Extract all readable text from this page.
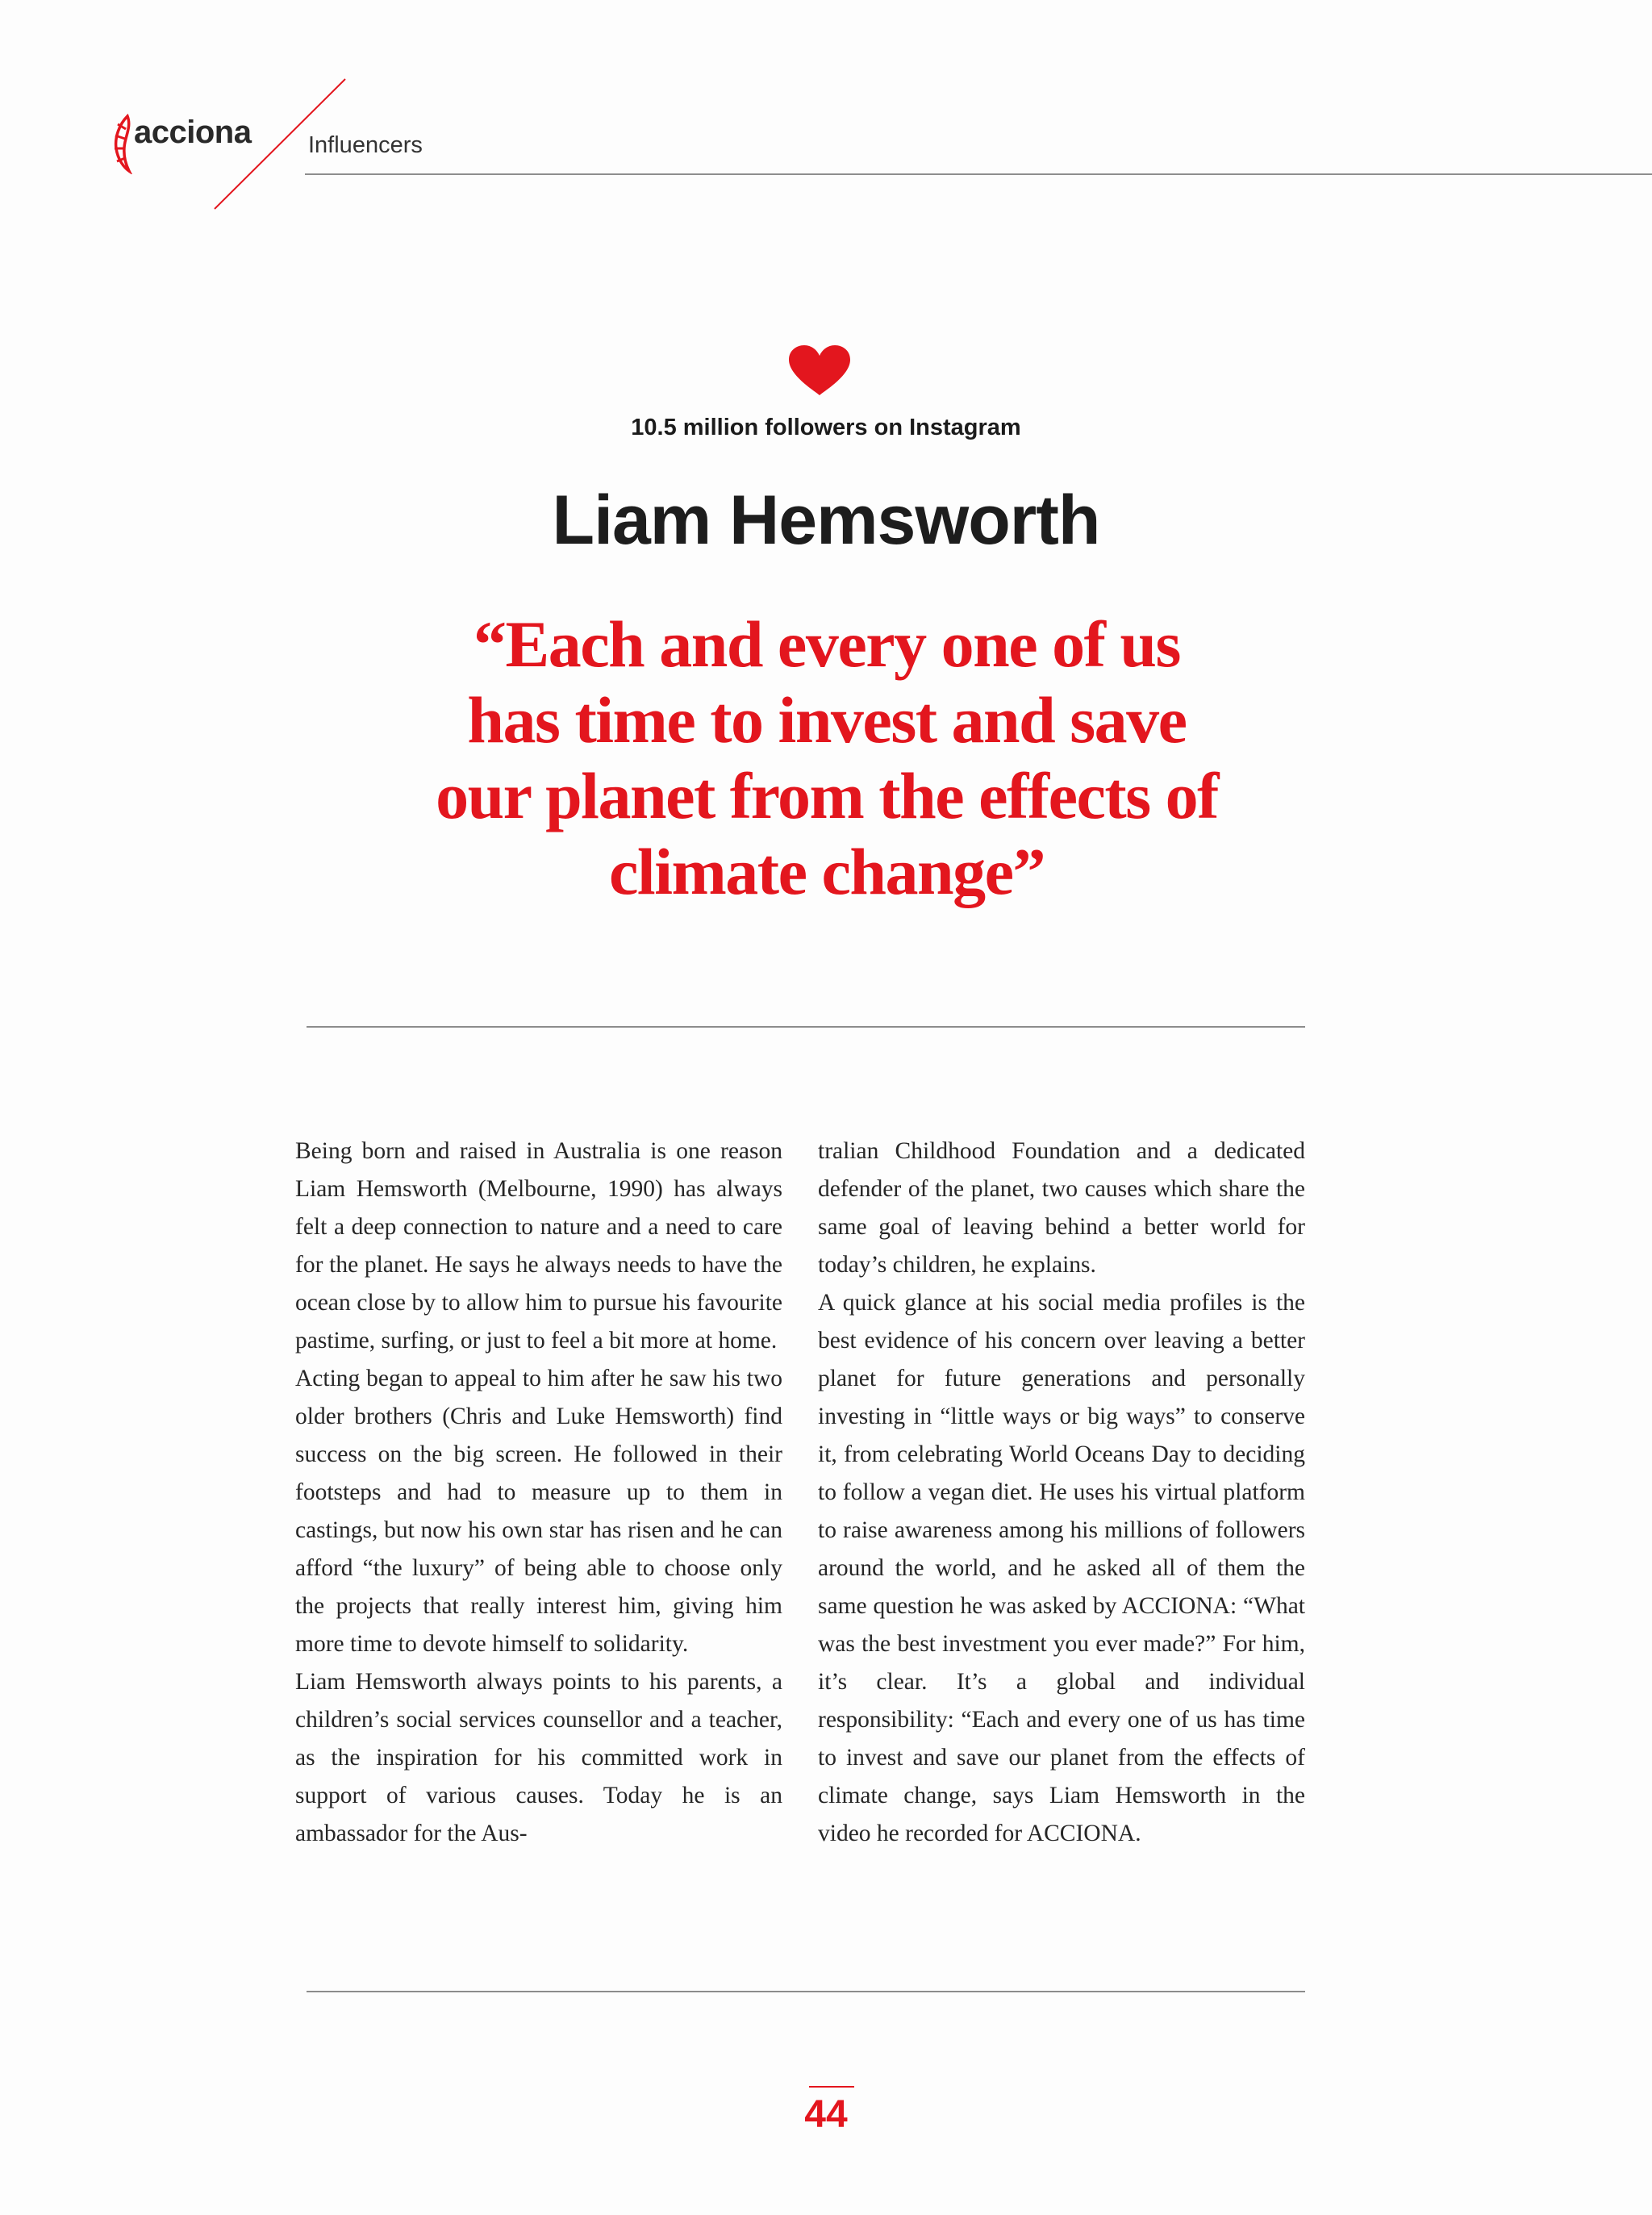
acciona Influencers
10.5 million followers on Instagram
Liam Hemsworth
“Each and every one of us
has time to invest and save
our planet from the effects of
climate change”

Being born and raised in Australia is one reason Liam Hemsworth (Melbourne, 1990) has always felt a deep connection to nature and a need to care for the planet. He says he always needs to have the ocean close by to allow him to pursue his favourite pastime, surfing, or just to feel a bit more at home.

Acting began to appeal to him after he saw his two older brothers (Chris and Luke Hemsworth) find success on the big screen. He followed in their footsteps and had to measure up to them in castings, but now his own star has risen and he can afford “the luxury” of being able to choose only the projects that really interest him, giving him more time to devote himself to solidarity.

Liam Hemsworth always points to his parents, a children’s social services counsellor and a teacher, as the inspiration for his committed work in support of various causes. Today he is an ambassador for the Aus-

tralian Childhood Foundation and a dedicated defender of the planet, two causes which share the same goal of leaving behind a better world for today’s children, he explains.

A quick glance at his social media profiles is the best evidence of his concern over leaving a better planet for future generations and personally investing in “little ways or big ways” to conserve it, from celebrating World Oceans Day to deciding to follow a vegan diet. He uses his virtual platform to raise awareness among his millions of followers around the world, and he asked all of them the same question he was asked by ACCIONA: “What was the best investment you ever made?” For him, it’s clear. It’s a global and individual responsibility: “Each and every one of us has time to invest and save our planet from the effects of climate change, says Liam Hemsworth in the video he recorded for ACCIONA.

44
